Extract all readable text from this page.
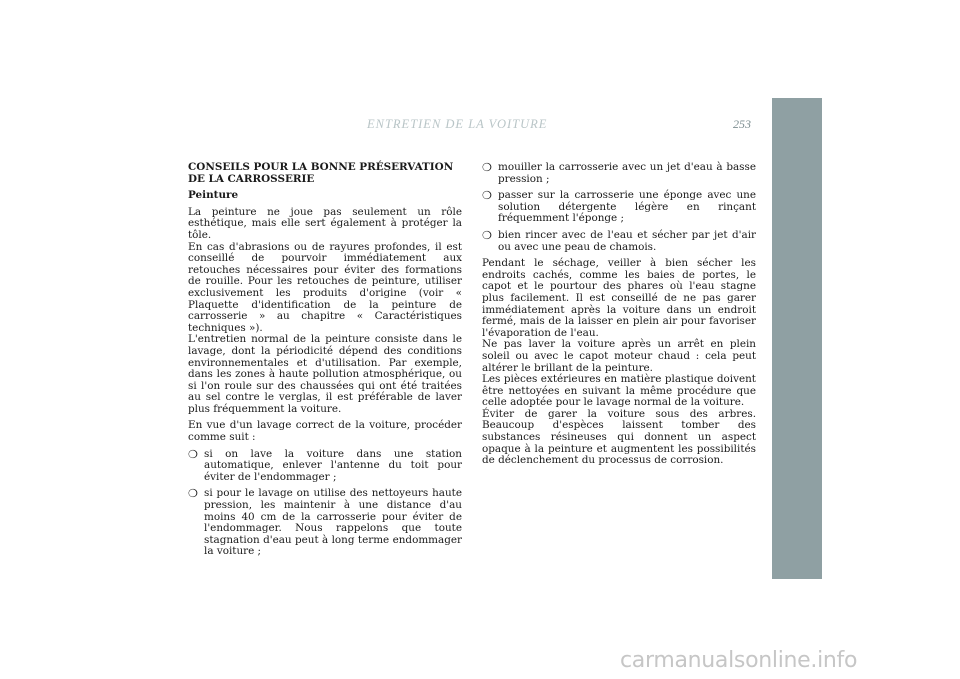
ENTRETIEN DE LA VOITURE	253

CONSEILS POUR LA BONNE PRÉSERVATION DE LA CARROSSERIE

Peinture

La peinture ne joue pas seulement un rôle esthétique, mais elle sert également à protéger la tôle.

En cas d'abrasions ou de rayures profondes, il est conseillé de pourvoir immédiatement aux retouches nécessaires pour éviter des formations de rouille. Pour les retouches de peinture, utiliser exclusivement les produits d'origine (voir « Plaquette d'identification de la peinture de carrosserie » au chapitre « Caractéristiques techniques »).

L'entretien normal de la peinture consiste dans le lavage, dont la périodicité dépend des conditions environnementales et d'utilisation. Par exemple, dans les zones à haute pollution atmosphérique, ou si l'on roule sur des chaussées qui ont été traitées au sel contre le verglas, il est préférable de laver plus fréquemment la voiture.

En vue d'un lavage correct de la voiture, procéder comme suit :

❍ si on lave la voiture dans une station automatique, enlever l'antenne du toit pour éviter de l'endommager ;
❍ si pour le lavage on utilise des nettoyeurs haute pression, les maintenir à une distance d'au moins 40 cm de la carrosserie pour éviter de l'endommager. Nous rappelons que toute stagnation d'eau peut à long terme endommager la voiture ;
❍ mouiller la carrosserie avec un jet d'eau à basse pression ;
❍ passer sur la carrosserie une éponge avec une solution détergente légère en rinçant fréquemment l'éponge ;
❍ bien rincer avec de l'eau et sécher par jet d'air ou avec une peau de chamois.

Pendant le séchage, veiller à bien sécher les endroits cachés, comme les baies de portes, le capot et le pourtour des phares où l'eau stagne plus facilement. Il est conseillé de ne pas garer immédiatement après la voiture dans un endroit fermé, mais de la laisser en plein air pour favoriser l'évaporation de l'eau.

Ne pas laver la voiture après un arrêt en plein soleil ou avec le capot moteur chaud : cela peut altérer le brillant de la peinture.

Les pièces extérieures en matière plastique doivent être nettoyées en suivant la même procédure que celle adoptée pour le lavage normal de la voiture.

Éviter de garer la voiture sous des arbres. Beaucoup d'espèces laissent tomber des substances résineuses qui donnent un aspect opaque à la peinture et augmentent les possibilités de déclenchement du processus de corrosion.

carmanualsonline.info
